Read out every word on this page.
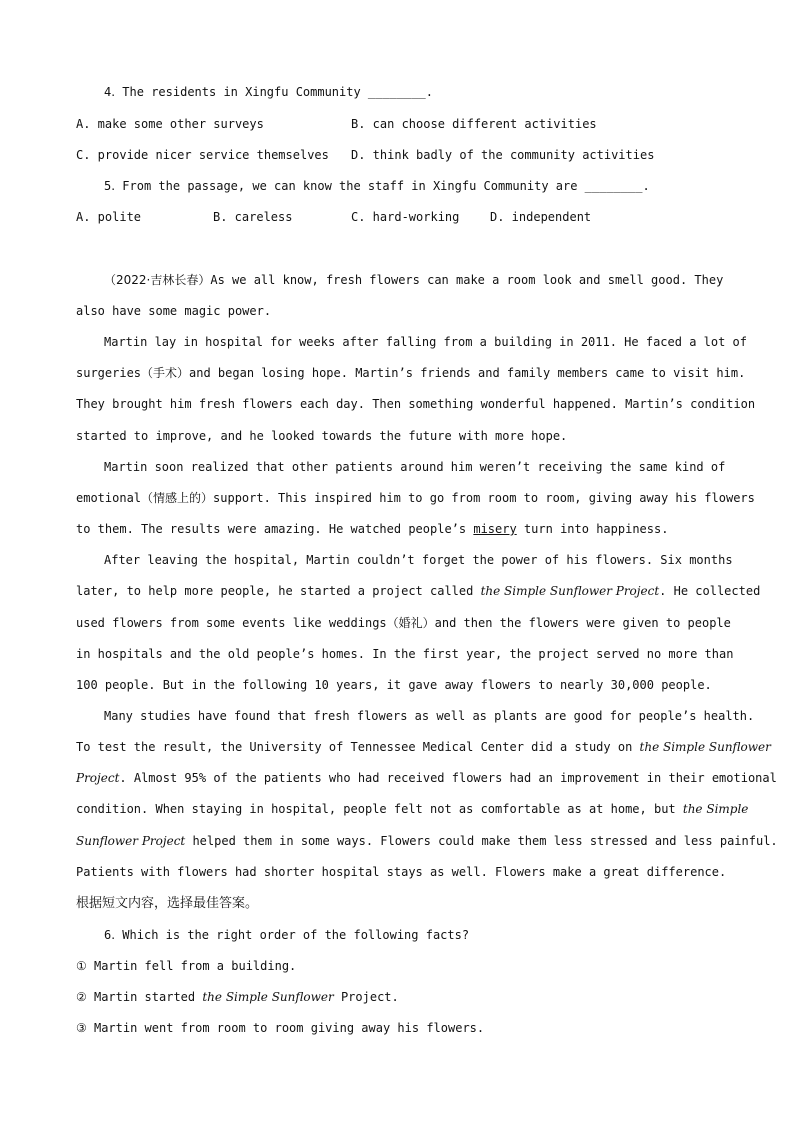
4. The residents in Xingfu Community ________.
A. make some other surveys	B. can choose different activities
C. provide nicer service themselves D. think badly of the community activities
5. From the passage, we can know the staff in Xingfu Community are ________.
A. polite	B. careless	C. hard-working	D. independent
（2022·吉林长春）As we all know, fresh flowers can make a room look and smell good. They
also have some magic power.
Martin lay in hospital for weeks after falling from a building in 2011. He faced a lot of
surgeries（手术）and began losing hope. Martin’s friends and family members came to visit him.
They brought him fresh flowers each day. Then something wonderful happened. Martin’s condition
started to improve, and he looked towards the future with more hope.
Martin soon realized that other patients around him weren’t receiving the same kind of
emotional（情感上的）support. This inspired him to go from room to room, giving away his flowers
to them. The results were amazing. He watched people’s misery turn into happiness.
After leaving the hospital, Martin couldn’t forget the power of his flowers. Six months
later, to help more people, he started a project called the Simple Sunflower Project. He collected
used flowers from some events like weddings（婚礼）and then the flowers were given to people
in hospitals and the old people’s homes. In the first year, the project served no more than
100 people. But in the following 10 years, it gave away flowers to nearly 30,000 people.
Many studies have found that fresh flowers as well as plants are good for people’s health.
To test the result, the University of Tennessee Medical Center did a study on the Simple Sunflower
Project. Almost 95% of the patients who had received flowers had an improvement in their emotional
condition. When staying in hospital, people felt not as comfortable as at home, but the Simple
Sunflower Project helped them in some ways. Flowers could make them less stressed and less painful.
Patients with flowers had shorter hospital stays as well. Flowers make a great difference.
根据短文内容，选择最佳答案。
6. Which is the right order of the following facts?
① Martin fell from a building.
② Martin started the Simple Sunflower Project.
③ Martin went from room to room giving away his flowers.
